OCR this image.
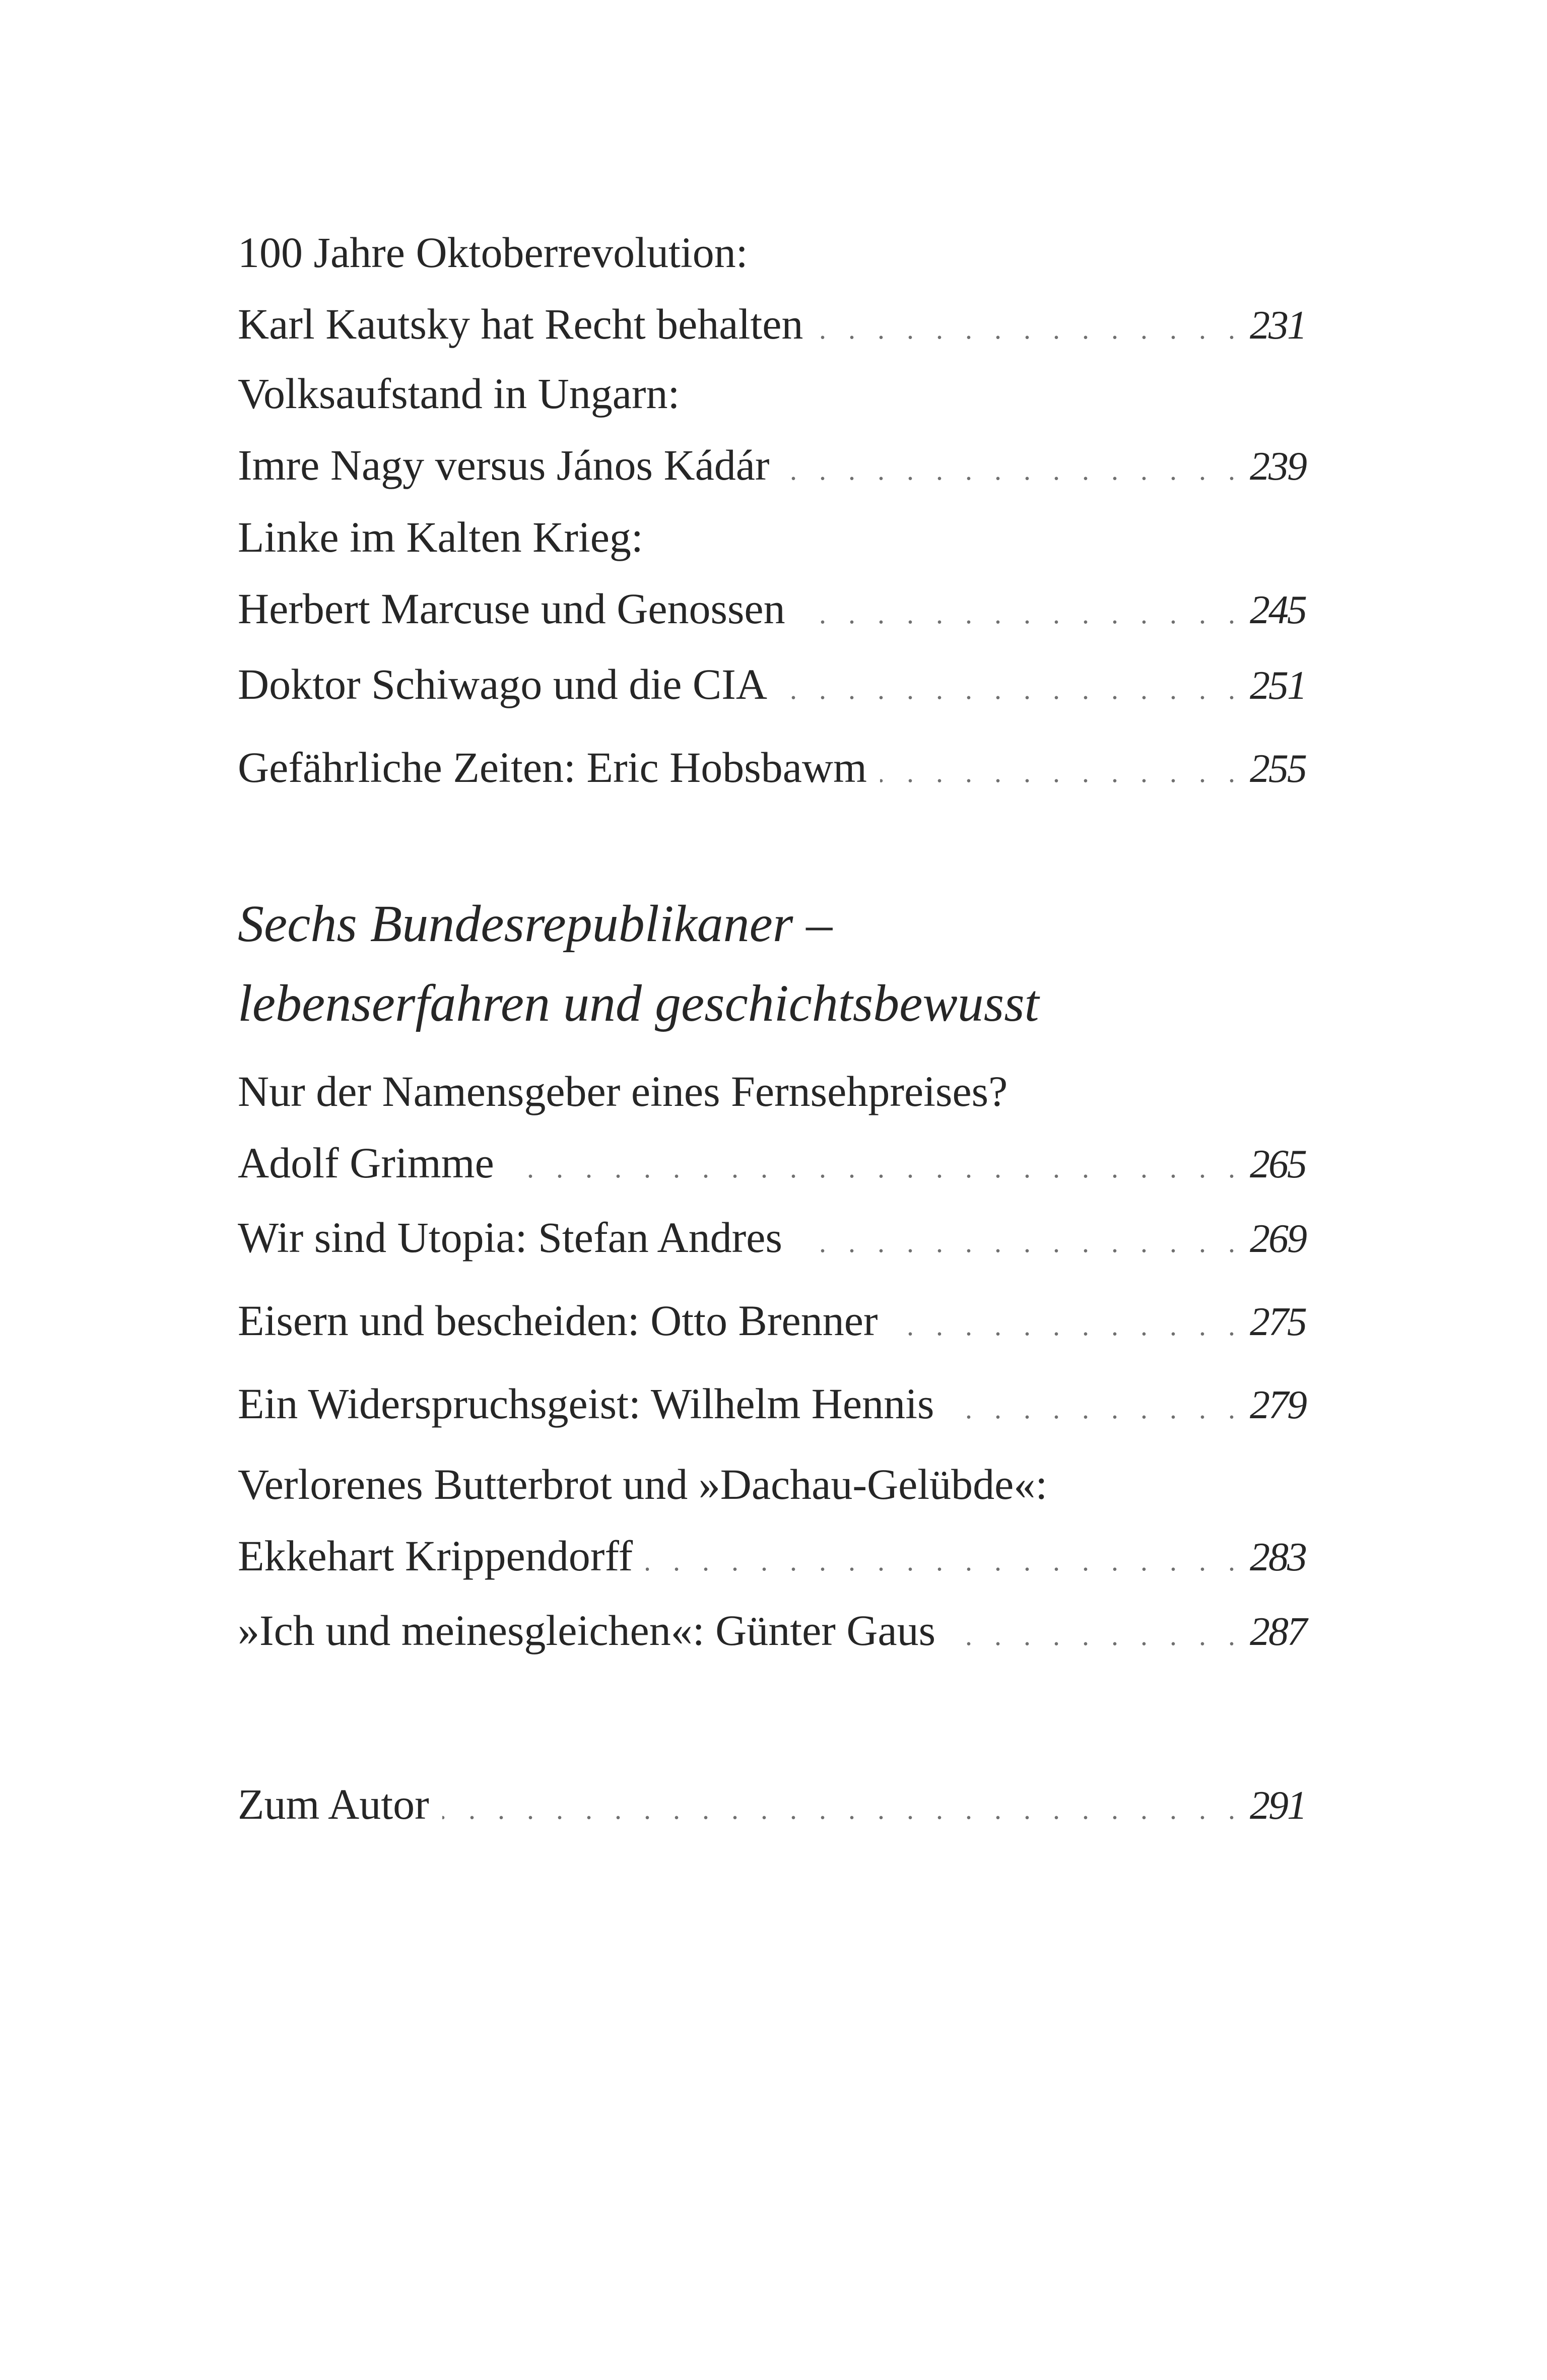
100 Jahre Oktoberrevolution:
Karl Kautsky hat Recht behalten . . .	231
Volksaufstand in Ungarn:
Imre Nagy versus János Kádár . . .	239
Linke im Kalten Krieg:
Herbert Marcuse und Genossen . . .	245
Doktor Schiwago und die CIA . . .	251
Gefährliche Zeiten: Eric Hobsbawm . . .	255
Sechs Bundesrepublikaner –
lebenserfahren und geschichtsbewusst
Nur der Namensgeber eines Fernsehpreises?
Adolf Grimme . . .	265
Wir sind Utopia: Stefan Andres . . .	269
Eisern und bescheiden: Otto Brenner . . .	275
Ein Widerspruchsgeist: Wilhelm Hennis . . .	279
Verlorenes Butterbrot und »Dachau-Gelübde«:
Ekkehart Krippendorff . . .	283
»Ich und meinesgleichen«: Günter Gaus . . .	287
Zum Autor . . .	291
